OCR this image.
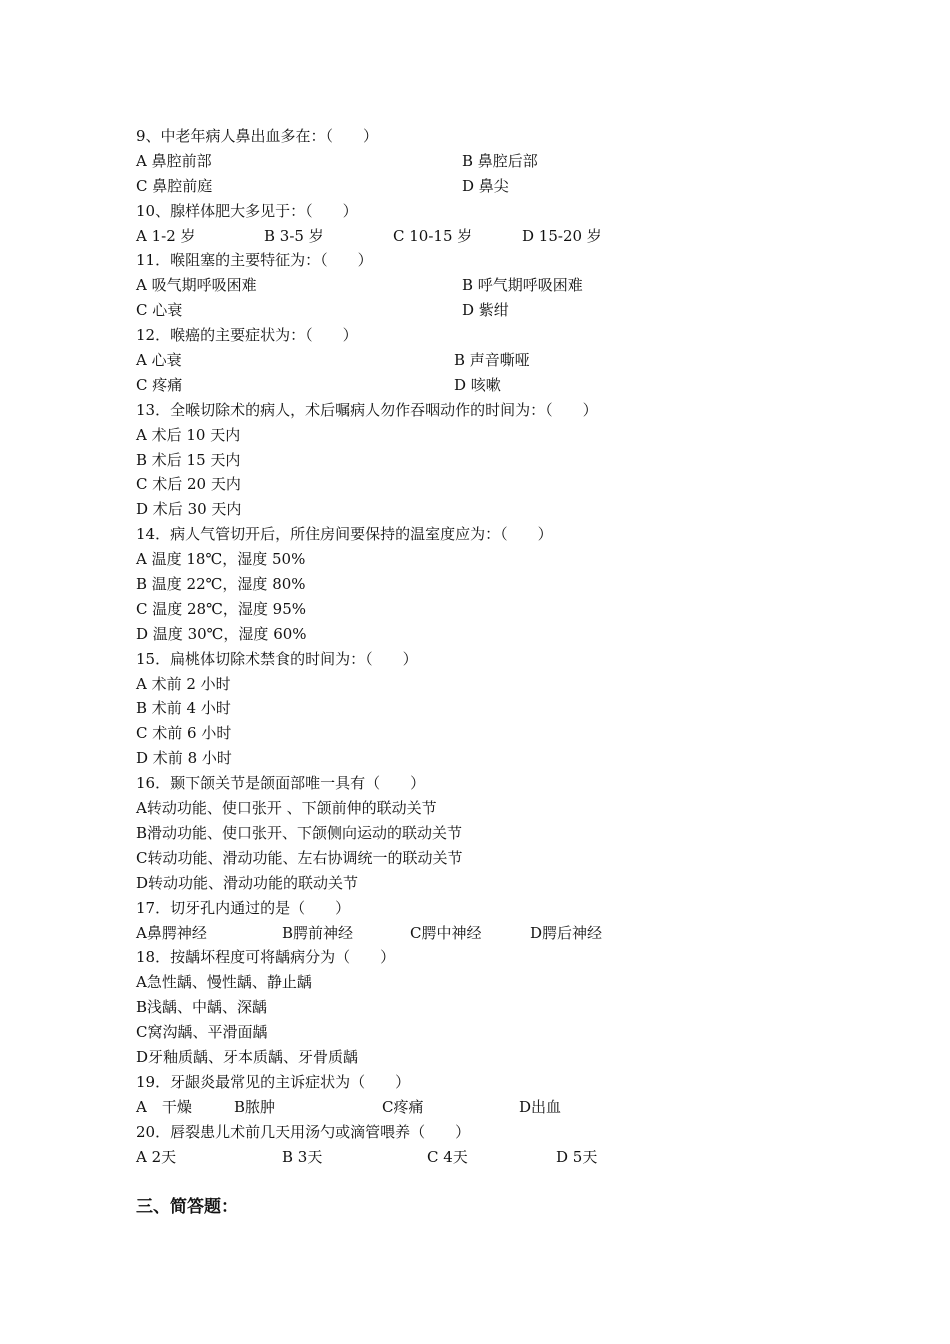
9、中老年病人鼻出血多在：（　　）
A 鼻腔前部	B 鼻腔后部
C 鼻腔前庭	D 鼻尖
10、腺样体肥大多见于：（　　）
A 1-2 岁	B 3-5 岁	C 10-15 岁	D 15-20 岁
11．喉阻塞的主要特征为：（　　）
A 吸气期呼吸困难	B 呼气期呼吸困难
C 心衰	D 紫绀
12．喉癌的主要症状为：（　　）
A 心衰	B 声音嘶哑
C 疼痛	D 咳嗽
13．全喉切除术的病人，术后嘱病人勿作吞咽动作的时间为：（　　）
A 术后 10 天内
B 术后 15 天内
C 术后 20 天内
D 术后 30 天内
14．病人气管切开后，所住房间要保持的温室度应为：（　　）
A 温度 18℃，湿度 50%
B 温度 22℃，湿度 80%
C 温度 28℃，湿度 95%
D 温度 30℃，湿度 60%
15．扁桃体切除术禁食的时间为：（　　）
A 术前 2 小时
B 术前 4 小时
C 术前 6 小时
D 术前 8 小时
16．颞下颌关节是颌面部唯一具有（　　）
A转动功能、使口张开 、下颌前伸的联动关节
B滑动功能、使口张开、下颌侧向运动的联动关节
C转动功能、滑动功能、左右协调统一的联动关节
D转动功能、滑动功能的联动关节
17．切牙孔内通过的是（　　）
A鼻腭神经	B腭前神经	C腭中神经	D腭后神经
18．按龋坏程度可将龋病分为（　　）
A急性龋、慢性龋、静止龋
B浅龋、中龋、深龋
C窝沟龋、平滑面龋
D牙釉质龋、牙本质龋、牙骨质龋
19．牙龈炎最常见的主诉症状为（　　）
A　干燥	B脓肿	C疼痛	D出血
20．唇裂患儿术前几天用汤勺或滴管喂养（　　）
A 2天	B 3天	C 4天	D 5天
三、简答题：
